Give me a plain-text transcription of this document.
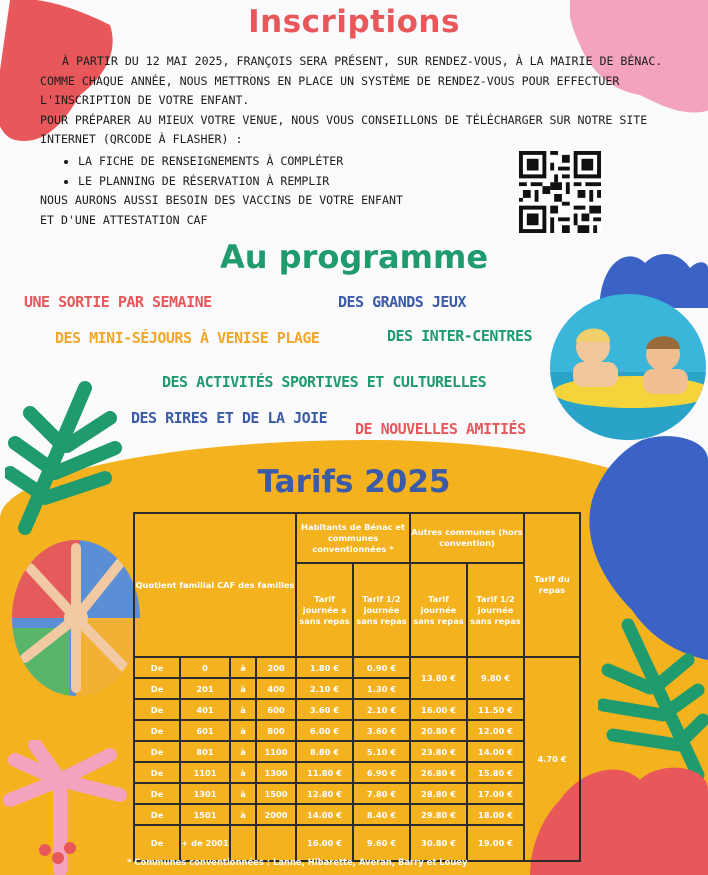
Inscriptions

À PARTIR DU 12 MAI 2025, FRANÇOIS SERA PRÉSENT, SUR RENDEZ-VOUS, À LA MAIRIE DE BÉNAC.

COMME CHAQUE ANNÉE, NOUS METTRONS EN PLACE UN SYSTÈME DE RENDEZ-VOUS POUR EFFECTUER L'INSCRIPTION DE VOTRE ENFANT.

POUR PRÉPARER AU MIEUX VOTRE VENUE, NOUS VOUS CONSEILLONS DE TÉLÉCHARGER SUR NOTRE SITE INTERNET (QRCODE À FLASHER) :

• LA FICHE DE RENSEIGNEMENTS À COMPLÉTER
• LE PLANNING DE RÉSERVATION À REMPLIR

NOUS AURONS AUSSI BESOIN DES VACCINS DE VOTRE ENFANT

ET D'UNE ATTESTATION CAF

Au programme
UNE SORTIE PAR SEMAINE	DES GRANDS JEUX
DES MINI-SÉJOURS À VENISE PLAGE	DES INTER-CENTRES
DES ACTIVITÉS SPORTIVES ET CULTURELLES
DES RIRES ET DE LA JOIE
DE NOUVELLES AMITIÉS
Tarifs 2025
Quotient familial CAF des familles				Habitants de Bénac et communes conventionnées *		Autres communes (hors convention)		Tarif du repas
				Tarif journée s sans repas	Tarif 1/2 journée sans repas	Tarif journée sans repas	Tarif 1/2 journée sans repas	
De	0	à	200	1.80 €	0.90 €	13.80 €	9.80 €	4.70 €
De	201	à	400	2.10 €	1.30 €			
De	401	à	600	3.60 €	2.10 €	16.00 €	11.50 €	
De	601	à	800	6.00 €	3.60 €	20.80 €	12.00 €	
De	801	à	1100	8.80 €	5.10 €	23.80 €	14.00 €	
De	1101	à	1300	11.80 €	6.90 €	26.80 €	15.80 €	
De	1301	à	1500	12.80 €	7.80 €	28.80 €	17.00 €	
De	1501	à	2000	14.00 €	8.40 €	29.80 €	18.00 €	
De	+ de 2001			16.00 €	9.60 €	30.80 €	19.00 €	
* Communes conventionnées : Lanne, Hibarette, Averan, Barry et Louey
